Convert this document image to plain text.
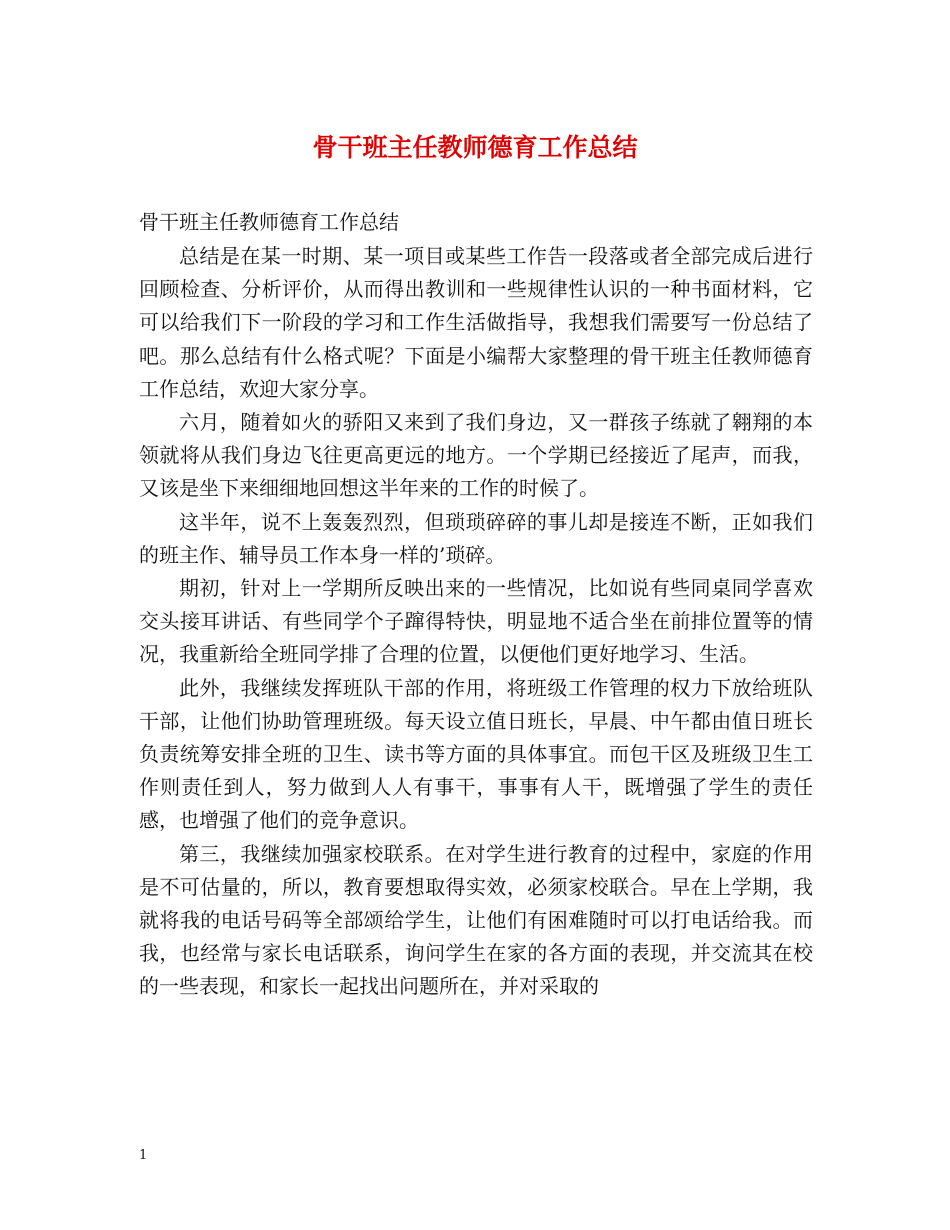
骨干班主任教师德育工作总结

骨干班主任教师德育工作总结

总结是在某一时期、某一项目或某些工作告一段落或者全部完成后进行回顾检查、分析评价，从而得出教训和一些规律性认识的一种书面材料，它可以给我们下一阶段的学习和工作生活做指导，我想我们需要写一份总结了吧。那么总结有什么格式呢？下面是小编帮大家整理的骨干班主任教师德育工作总结，欢迎大家分享。

六月，随着如火的骄阳又来到了我们身边，又一群孩子练就了翱翔的本领就将从我们身边飞往更高更远的地方。一个学期已经接近了尾声，而我，又该是坐下来细细地回想这半年来的工作的时候了。

这半年，说不上轰轰烈烈，但琐琐碎碎的事儿却是接连不断，正如我们的班主作、辅导员工作本身一样的’琐碎。

期初，针对上一学期所反映出来的一些情况，比如说有些同桌同学喜欢交头接耳讲话、有些同学个子蹿得特快，明显地不适合坐在前排位置等的情况，我重新给全班同学排了合理的位置，以便他们更好地学习、生活。

此外，我继续发挥班队干部的作用，将班级工作管理的权力下放给班队干部，让他们协助管理班级。每天设立值日班长，早晨、中午都由值日班长负责统筹安排全班的卫生、读书等方面的具体事宜。而包干区及班级卫生工作则责任到人，努力做到人人有事干，事事有人干，既增强了学生的责任感，也增强了他们的竞争意识。

第三，我继续加强家校联系。在对学生进行教育的过程中，家庭的作用是不可估量的，所以，教育要想取得实效，必须家校联合。早在上学期，我就将我的电话号码等全部颂给学生，让他们有困难随时可以打电话给我。而我，也经常与家长电话联系，询问学生在家的各方面的表现，并交流其在校的一些表现，和家长一起找出问题所在，并对采取的

1
